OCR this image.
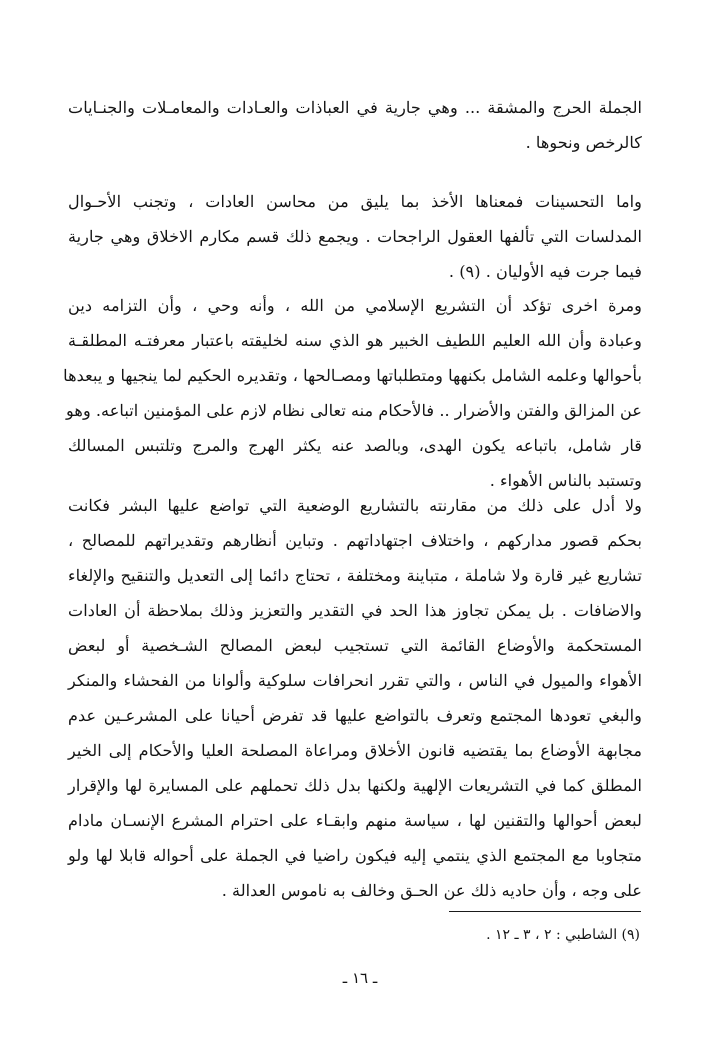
الجملة الحرج والمشقة ... وهي جارية في العباذات والعـادات والمعامـلات والجنـايات
كالرخص ونحوها .
واما التحسينات فمعناها الأخذ بما يليق من محاسن العادات ، وتجنب الأحـوال
المدلسات التي تألفها العقول الراجحات . ويجمع ذلك قسم مكارم الاخلاق وهي جارية
فيما جرت فيه الأوليان . (٩) .
ومرة اخرى تؤكد أن التشريع الإسلامي من الله ، وأنه وحي ، وأن التزامه دين
وعبادة وأن الله العليم اللطيف الخبير هو الذي سنه لخليقته باعتبار معرفتـه المطلقـة
بأحوالها وعلمه الشامل بكنهها ومتطلباتها ومصـالحها ، وتقديره الحكيم لما ينجيها و يبعدها
عن المزالق والفتن والأضرار .. فالأحكام منه تعالى نظام لازم على المؤمنين اتباعه. وهو
قار شامل، باتباعه يكون الهدى، وبالصد عنه يكثر الهرج والمرج وتلتبس المسالك
وتستبد بالناس الأهواء .
ولا أدل على ذلك من مقارنته بالتشاريع الوضعية التي تواضع عليها البشر فكانت
بحكم قصور مداركهم ، واختلاف اجتهاداتهم . وتباين أنظارهم وتقديراتهم للمصالح ،
تشاريع غير قارة ولا شاملة ، متباينة ومختلفة ، تحتاج دائما إلى التعديل والتنقيح والإلغاء
والاضافات . بل يمكن تجاوز هذا الحد في التقدير والتعزيز وذلك بملاحظة أن العادات
المستحكمة والأوضاع القائمة التي تستجيب لبعض المصالح الشـخصية أو لبعض
الأهواء والميول في الناس ، والتي تقرر انحرافات سلوكية وألوانا من الفحشاء والمنكر
والبغي تعودها المجتمع وتعرف بالتواضع عليها قد تفرض أحيانا على المشرعـين عدم
مجابهة الأوضاع بما يقتضيه قانون الأخلاق ومراعاة المصلحة العليا والأحكام إلى الخير
المطلق كما في التشريعات الإلهية ولكنها بدل ذلك تحملهم على المسايرة لها والإقرار
لبعض أحوالها والتقنين لها ، سياسة منهم وابقـاء على احترام المشرع الإنسـان مادام
متجاوبا مع المجتمع الذي ينتمي إليه فيكون راضيا في الجملة على أحواله قابلا لها ولو
على وجه ، وأن حاديه ذلك عن الحـق وخالف به ناموس العدالة .
(٩) الشاطبي : ٢ ، ٣ ـ ١٢ .
ـ ١٦ ـ
